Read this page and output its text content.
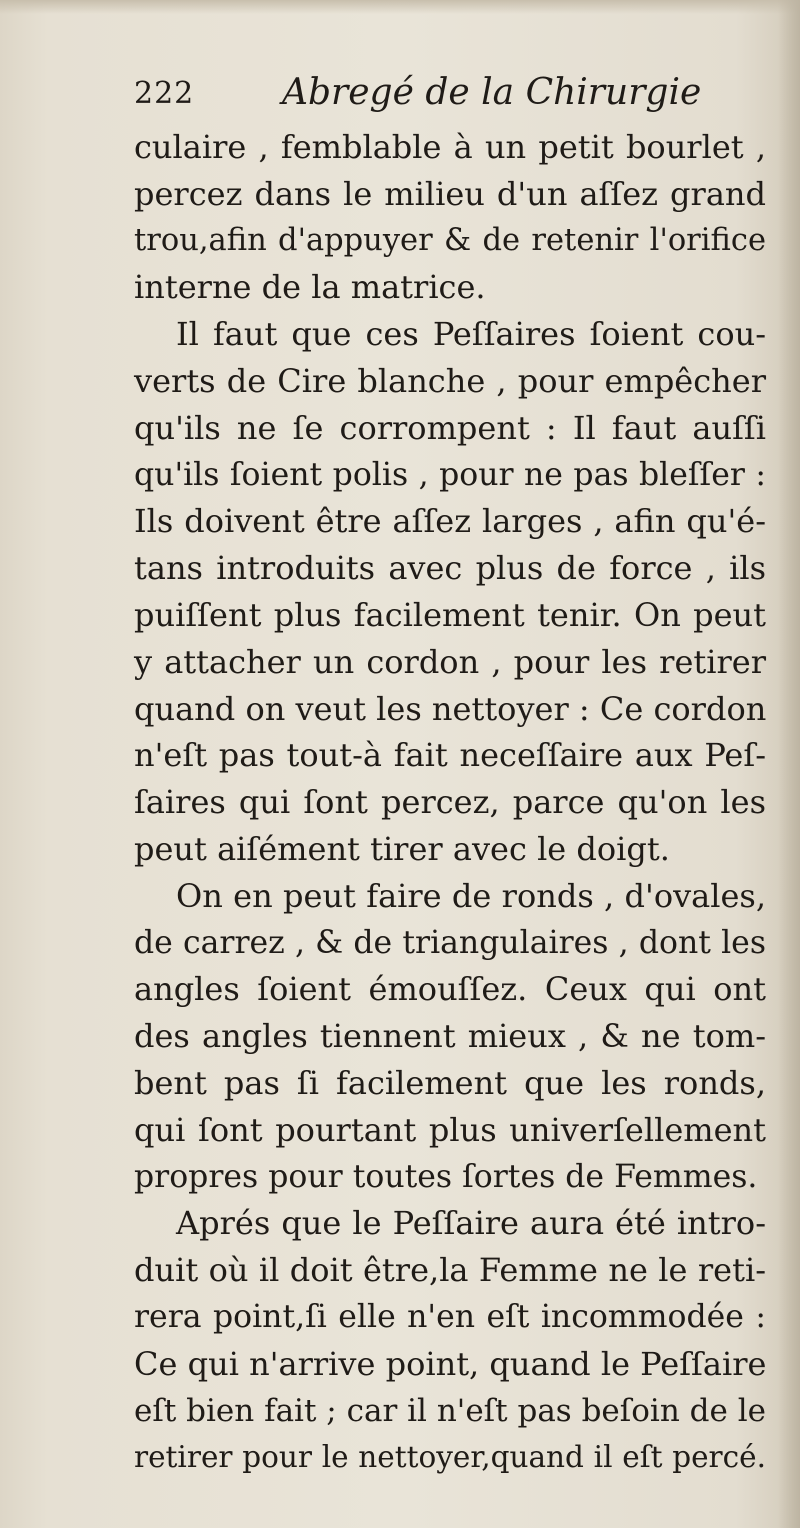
222 Abregé de la Chirurgie
culaire , femblable à un petit bourlet ,
percez dans le milieu d'un aſſez grand
trou,afin d'appuyer & de retenir l'orifice
interne de la matrice.
Il faut que ces Peſſaires ſoient cou-
verts de Cire blanche , pour empêcher
qu'ils ne ſe corrompent : Il faut auſſi
qu'ils ſoient polis , pour ne pas bleſſer :
Ils doivent être aſſez larges , afin qu'é-
tans introduits avec plus de force , ils
puiſſent plus facilement tenir. On peut
y attacher un cordon , pour les retirer
quand on veut les nettoyer : Ce cordon
n'eſt pas tout-à fait neceſſaire aux Peſ-
ſaires qui ſont percez, parce qu'on les
peut aiſément tirer avec le doigt.
On en peut faire de ronds , d'ovales,
de carrez , & de triangulaires , dont les
angles ſoient émouſſez. Ceux qui ont
des angles tiennent mieux , & ne tom-
bent pas ſi facilement que les ronds,
qui ſont pourtant plus univerſellement
propres pour toutes ſortes de Femmes.
Aprés que le Peſſaire aura été intro-
duit où il doit être,la Femme ne le reti-
rera point,ſi elle n'en eſt incommodée :
Ce qui n'arrive point, quand le Peſſaire
eſt bien fait ; car il n'eſt pas beſoin de le
retirer pour le nettoyer,quand il eſt percé.
